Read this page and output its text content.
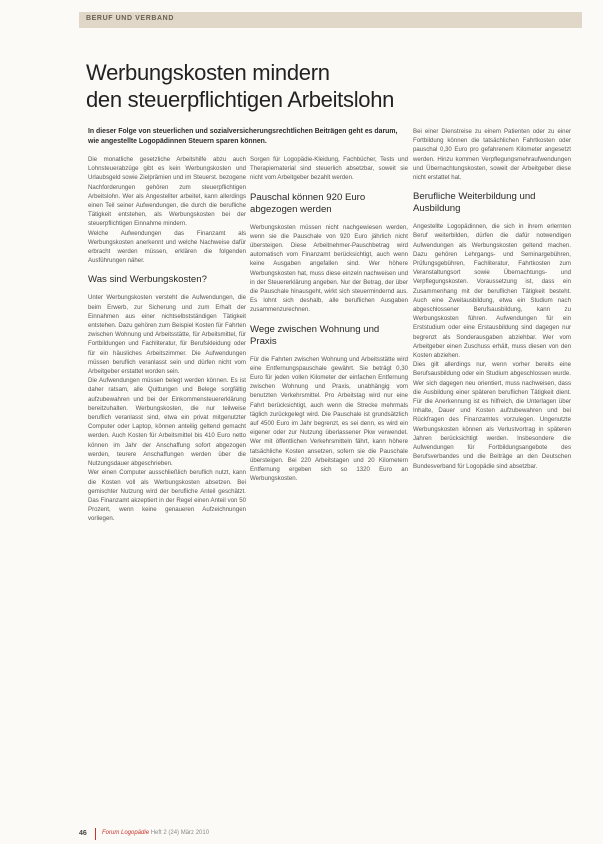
BERUF UND VERBAND
Werbungskosten mindern
den steuerpflichtigen Arbeitslohn

In dieser Folge von steuerlichen und sozialversicherungsrechtlichen Beiträgen geht es darum, wie angestellte Logopädinnen Steuern sparen können.

Die monatliche gesetzliche Arbeitshilfe abzu auch Lohnsteuerabzüge gibt es kein Werbungskosten und Urlaubsgeld sowie Zielprämien und im Steuerst. bezogene Nachforderungen gehören zum steuerpflichtigen Arbeitslohn. Wer als Angestellter arbeitet, kann allerdings einen Teil seiner Aufwendungen, die durch die berufliche Tätigkeit entstehen, als Werbungskosten bei der steuerpflichtigen Einnahme mindern.

Welche Aufwendungen das Finanzamt als Werbungskosten anerkennt und welche Nachweise dafür erbracht werden müssen, erklären die folgenden Ausführungen näher.

Was sind Werbungskosten?

Unter Werbungskosten versteht die Aufwendungen, die beim Erwerb, zur Sicherung und zum Erhalt der Einnahmen aus einer nichtselbstständigen Tätigkeit entstehen. Dazu gehören zum Beispiel Kosten für Fahrten zwischen Wohnung und Arbeitsstätte, für Arbeitsmittel, für Fortbildungen und Fachliteratur, für Berufskleidung oder für ein häusliches Arbeitszimmer. Die Aufwendungen müssen beruflich veranlasst sein und dürfen nicht vom Arbeitgeber erstattet worden sein.

Die Aufwendungen müssen belegt werden können. Es ist daher ratsam, alle Quittungen und Belege sorgfältig aufzubewahren und bei der Einkommensteuererklärung bereitzuhalten. Werbungskosten, die nur teilweise beruflich veranlasst sind, etwa ein privat mitgenutzter Computer oder Laptop, können anteilig geltend gemacht werden. Auch Kosten für Arbeitsmittel bis 410 Euro netto können im Jahr der Anschaffung sofort abgezogen werden, teurere Anschaffungen werden über die Nutzungsdauer abgeschrieben.

Wer einen Computer ausschließlich beruflich nutzt, kann die Kosten voll als Werbungskosten absetzen. Bei gemischter Nutzung wird der berufliche Anteil geschätzt. Das Finanzamt akzeptiert in der Regel einen Anteil von 50 Prozent, wenn keine genaueren Aufzeichnungen vorliegen.

Sorgen für Logopädie-Kleidung, Fachbücher, Tests und Therapiematerial sind steuerlich absetzbar, soweit sie nicht vom Arbeitgeber bezahlt werden.

Pauschal können 920 Euro abgezogen werden

Werbungskosten müssen nicht nachgewiesen werden, wenn sie die Pauschale von 920 Euro jährlich nicht übersteigen. Diese Arbeitnehmer-Pauschbetrag wird automatisch vom Finanzamt berücksichtigt, auch wenn keine Ausgaben angefallen sind. Wer höhere Werbungskosten hat, muss diese einzeln nachweisen und in der Steuererklärung angeben. Nur der Betrag, der über die Pauschale hinausgeht, wirkt sich steuermindernd aus. Es lohnt sich deshalb, alle beruflichen Ausgaben zusammenzurechnen.

Wege zwischen Wohnung und Praxis

Für die Fahrten zwischen Wohnung und Arbeitsstätte wird eine Entfernungspauschale gewährt. Sie beträgt 0,30 Euro für jeden vollen Kilometer der einfachen Entfernung zwischen Wohnung und Praxis, unabhängig vom benutzten Verkehrsmittel. Pro Arbeitstag wird nur eine Fahrt berücksichtigt, auch wenn die Strecke mehrmals täglich zurückgelegt wird. Die Pauschale ist grundsätzlich auf 4500 Euro im Jahr begrenzt, es sei denn, es wird ein eigener oder zur Nutzung überlassener Pkw verwendet. Wer mit öffentlichen Verkehrsmitteln fährt, kann höhere tatsächliche Kosten ansetzen, sofern sie die Pauschale übersteigen. Bei 220 Arbeitstagen und 20 Kilometern Entfernung ergeben sich so 1320 Euro an Werbungskosten.

Bei einer Dienstreise zu einem Patienten oder zu einer Fortbildung können die tatsächlichen Fahrtkosten oder pauschal 0,30 Euro pro gefahrenem Kilometer angesetzt werden. Hinzu kommen Verpflegungsmehraufwendungen und Übernachtungskosten, soweit der Arbeitgeber diese nicht erstattet hat.

Berufliche Weiterbildung und Ausbildung

Angestellte Logopädinnen, die sich in ihrem erlernten Beruf weiterbilden, dürfen die dafür notwendigen Aufwendungen als Werbungskosten geltend machen. Dazu gehören Lehrgangs- und Seminargebühren, Prüfungsgebühren, Fachliteratur, Fahrtkosten zum Veranstaltungsort sowie Übernachtungs- und Verpflegungskosten. Voraussetzung ist, dass ein Zusammenhang mit der beruflichen Tätigkeit besteht. Auch eine Zweitausbildung, etwa ein Studium nach abgeschlossener Berufsausbildung, kann zu Werbungskosten führen. Aufwendungen für ein Erststudium oder eine Erstausbildung sind dagegen nur begrenzt als Sonderausgaben abziehbar. Wer vom Arbeitgeber einen Zuschuss erhält, muss diesen von den Kosten abziehen.

Dies gilt allerdings nur, wenn vorher bereits eine Berufsausbildung oder ein Studium abgeschlossen wurde. Wer sich dagegen neu orientiert, muss nachweisen, dass die Ausbildung einer späteren beruflichen Tätigkeit dient. Für die Anerkennung ist es hilfreich, die Unterlagen über Inhalte, Dauer und Kosten aufzubewahren und bei Rückfragen des Finanzamtes vorzulegen. Ungenutzte Werbungskosten können als Verlustvortrag in späteren Jahren berücksichtigt werden. Insbesondere die Aufwendungen für Fortbildungsangebote des Berufsverbandes und die Beiträge an den Deutschen Bundesverband für Logopädie sind absetzbar.

46	Forum Logopädie Heft 2 (24) März 2010
